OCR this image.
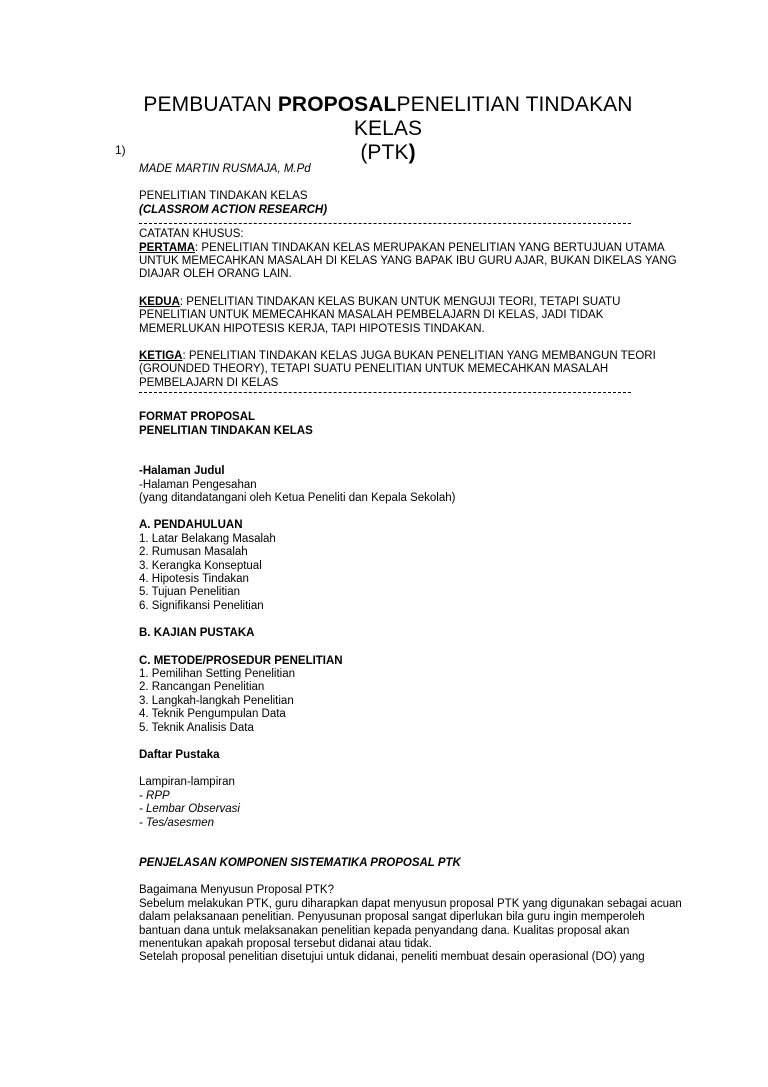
PEMBUATAN PROPOSALPENELITIAN TINDAKAN KELAS
(PTK)
1)

MADE MARTIN RUSMAJA, M.Pd

PENELITIAN TINDAKAN KELAS

(CLASSROM ACTION RESEARCH)

CATATAN KHUSUS:

PERTAMA: PENELITIAN TINDAKAN KELAS MERUPAKAN PENELITIAN YANG BERTUJUAN UTAMA UNTUK MEMECAHKAN MASALAH DI KELAS YANG BAPAK IBU GURU AJAR, BUKAN DIKELAS YANG DIAJAR OLEH ORANG LAIN.

KEDUA: PENELITIAN TINDAKAN KELAS BUKAN UNTUK MENGUJI TEORI, TETAPI SUATU PENELITIAN UNTUK MEMECAHKAN MASALAH PEMBELAJARN DI KELAS, JADI TIDAK MEMERLUKAN HIPOTESIS KERJA, TAPI HIPOTESIS TINDAKAN.

KETIGA: PENELITIAN TINDAKAN KELAS JUGA BUKAN PENELITIAN YANG MEMBANGUN TEORI (GROUNDED THEORY), TETAPI SUATU PENELITIAN UNTUK MEMECAHKAN MASALAH PEMBELAJARN DI KELAS

FORMAT PROPOSAL

PENELITIAN TINDAKAN KELAS

-Halaman Judul

-Halaman Pengesahan

(yang ditandatangani oleh Ketua Peneliti dan Kepala Sekolah)

A. PENDAHULUAN

1. Latar Belakang Masalah

2. Rumusan Masalah

3. Kerangka Konseptual

4. Hipotesis Tindakan

5. Tujuan Penelitian

6. Signifikansi Penelitian

B. KAJIAN PUSTAKA

C. METODE/PROSEDUR PENELITIAN

1. Pemilihan Setting Penelitian

2. Rancangan Penelitian

3. Langkah-langkah Penelitian

4. Teknik Pengumpulan Data

5. Teknik Analisis Data

Daftar Pustaka

Lampiran-lampiran

- RPP

- Lembar Observasi

- Tes/asesmen

PENJELASAN KOMPONEN SISTEMATIKA PROPOSAL PTK

Bagaimana Menyusun Proposal PTK?

Sebelum melakukan PTK, guru diharapkan dapat menyusun proposal PTK yang digunakan sebagai acuan dalam pelaksanaan penelitian. Penyusunan proposal sangat diperlukan bila guru ingin memperoleh bantuan dana untuk melaksanakan penelitian kepada penyandang dana. Kualitas proposal akan menentukan apakah proposal tersebut didanai atau tidak.

Setelah proposal penelitian disetujui untuk didanai, peneliti membuat desain operasional (DO) yang
